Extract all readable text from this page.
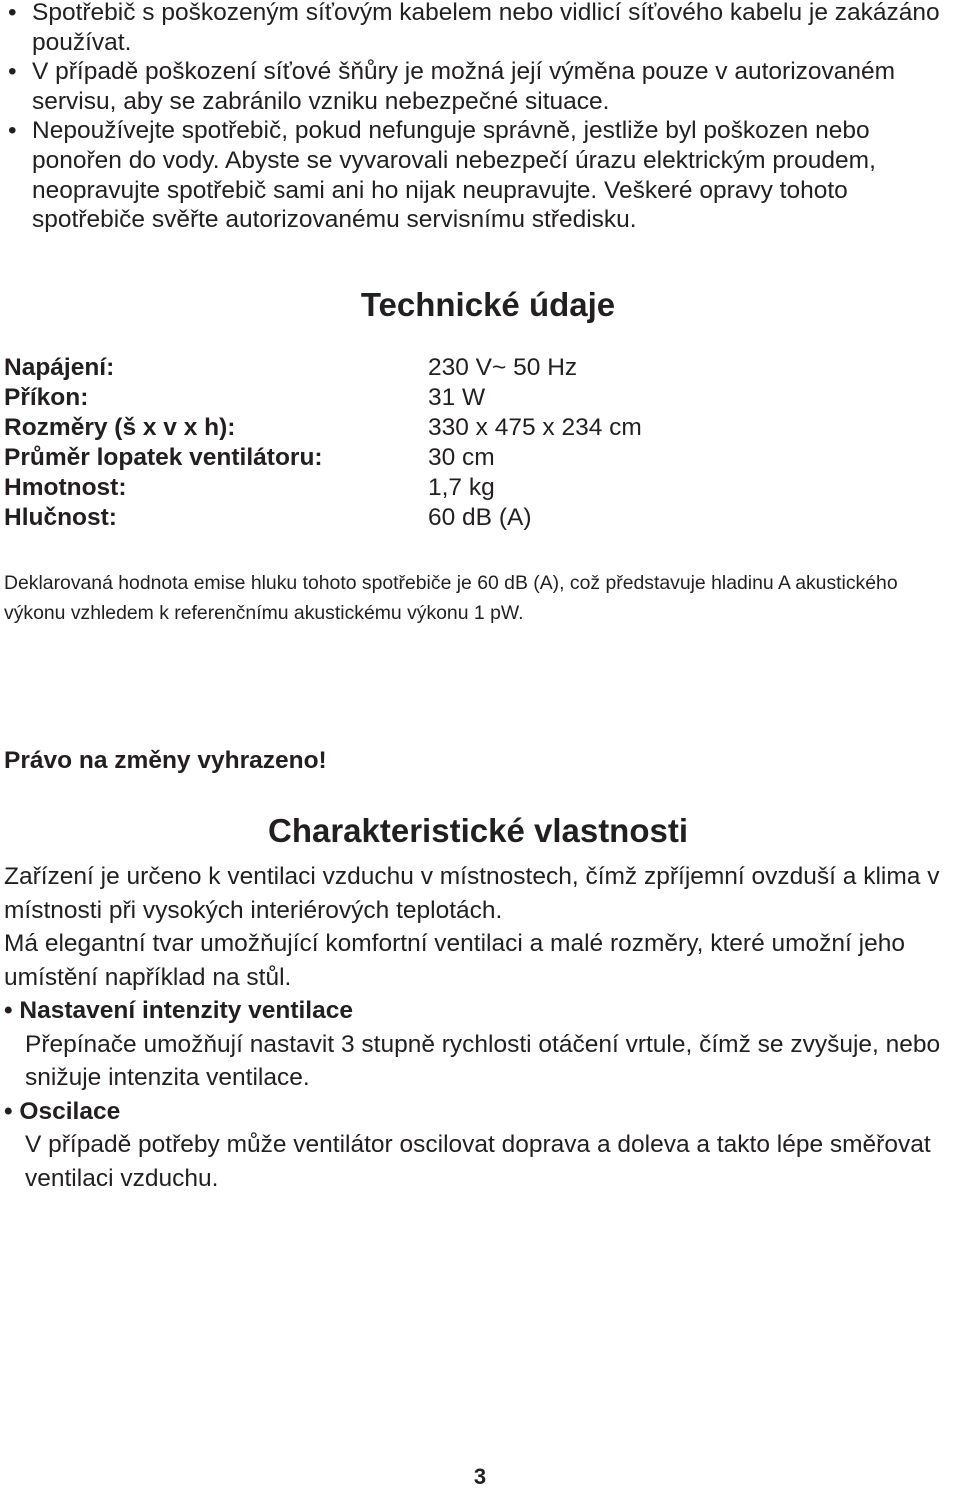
• Spotřebič s poškozeným síťovým kabelem nebo vidlicí síťového kabelu je zakázáno používat.
• V případě poškození síťové šňůry je možná její výměna pouze v autorizovaném servisu, aby se zabránilo vzniku nebezpečné situace.
• Nepoužívejte spotřebič, pokud nefunguje správně, jestliže byl poškozen nebo ponořen do vody. Abyste se vyvarovali nebezpečí úrazu elektrickým proudem, neopravujte spotřebič sami ani ho nijak neupravujte. Veškeré opravy tohoto spotřebiče svěřte autorizovanému servisnímu středisku.
Technické údaje
Napájení:	230 V~ 50 Hz
Příkon:	31 W
Rozměry (š x v x h):	330 x 475 x 234 cm
Průměr lopatek ventilátoru:	30 cm
Hmotnost:	1,7 kg
Hlučnost:	60 dB (A)

Deklarovaná hodnota emise hluku tohoto spotřebiče je 60 dB (A), což představuje hladinu A akustického výkonu vzhledem k referenčnímu akustickému výkonu 1 pW.

Právo na změny vyhrazeno!

Charakteristické vlastnosti

Zařízení je určeno k ventilaci vzduchu v místnostech, čímž zpříjemní ovzduší a klima v místnosti při vysokých interiérových teplotách.

Má elegantní tvar umožňující komfortní ventilaci a malé rozměry, které umožní jeho umístění například na stůl.

• Nastavení intenzity ventilace

Přepínače umožňují nastavit 3 stupně rychlosti otáčení vrtule, čímž se zvyšuje, nebo snižuje intenzita ventilace.

• Oscilace

V případě potřeby může ventilátor oscilovat doprava a doleva a takto lépe směřovat ventilaci vzduchu.

3
